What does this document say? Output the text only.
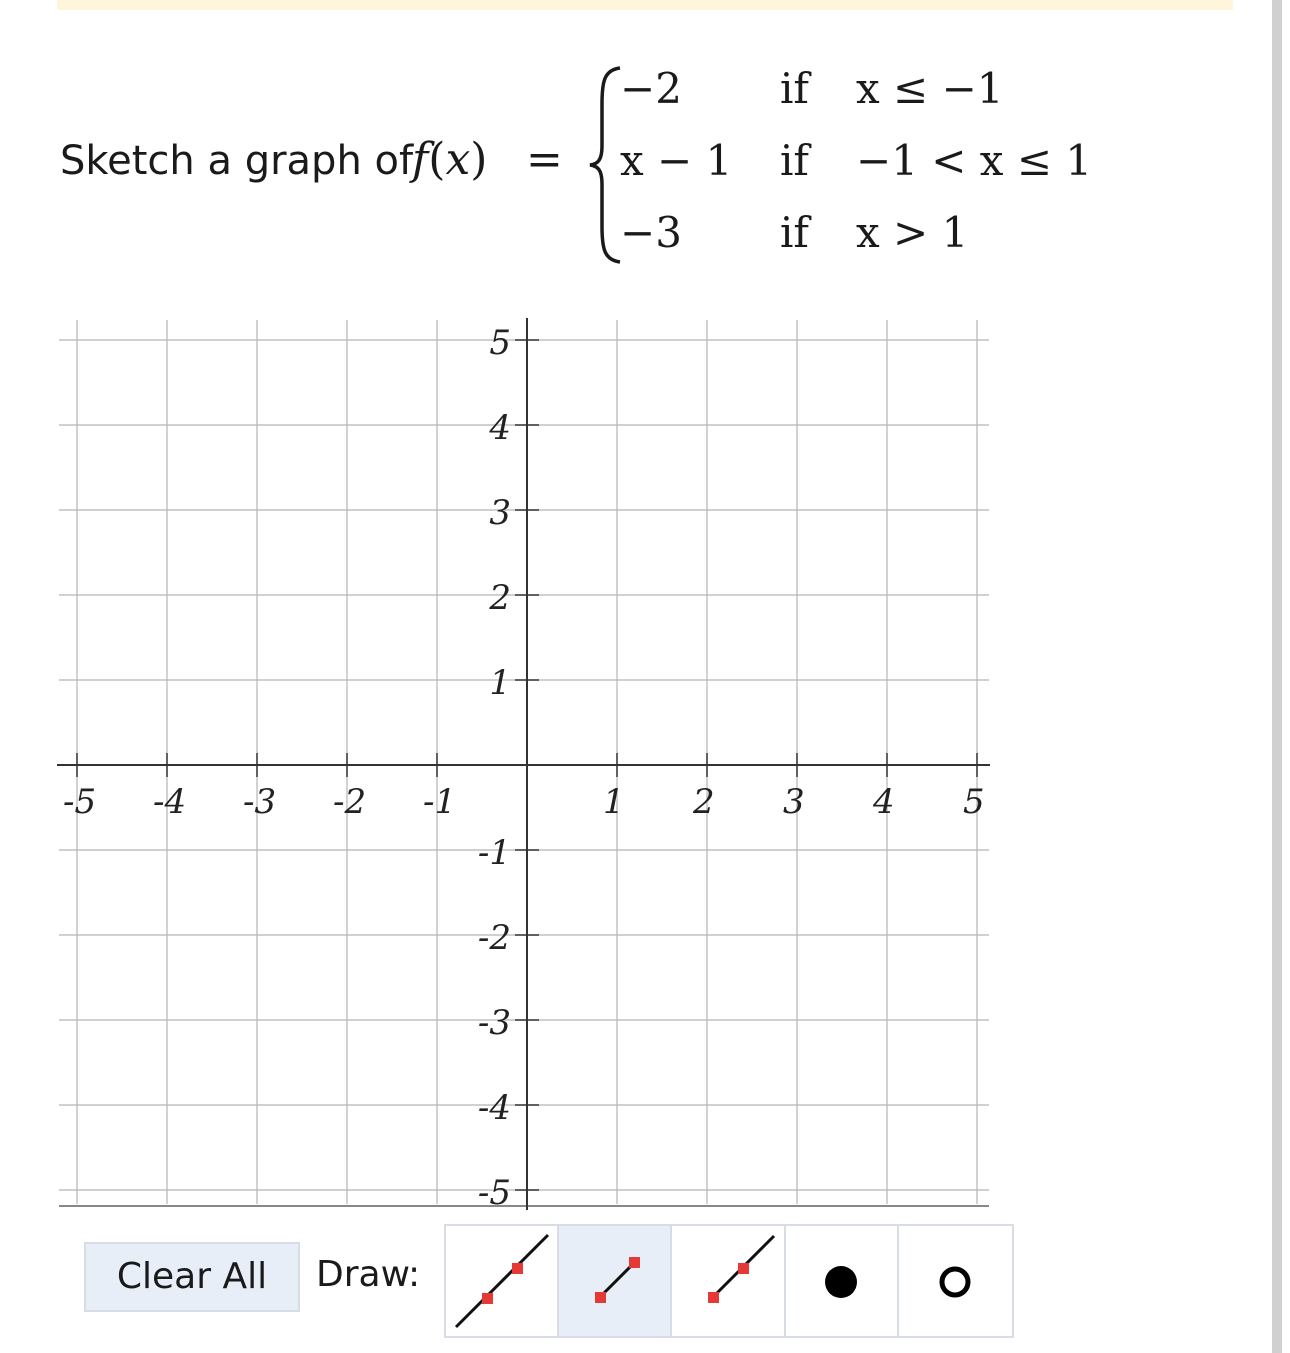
Sketch a graph of
f(x) =
−2 if x ≤ −1
x − 1 if −1 < x ≤ 1
−3 if x > 1
-5 -4 -3 -2 -1	1 2 3 4 5
5
4
3
2
1
-1
-2
-3
-4
-5
Clear All	Draw:
